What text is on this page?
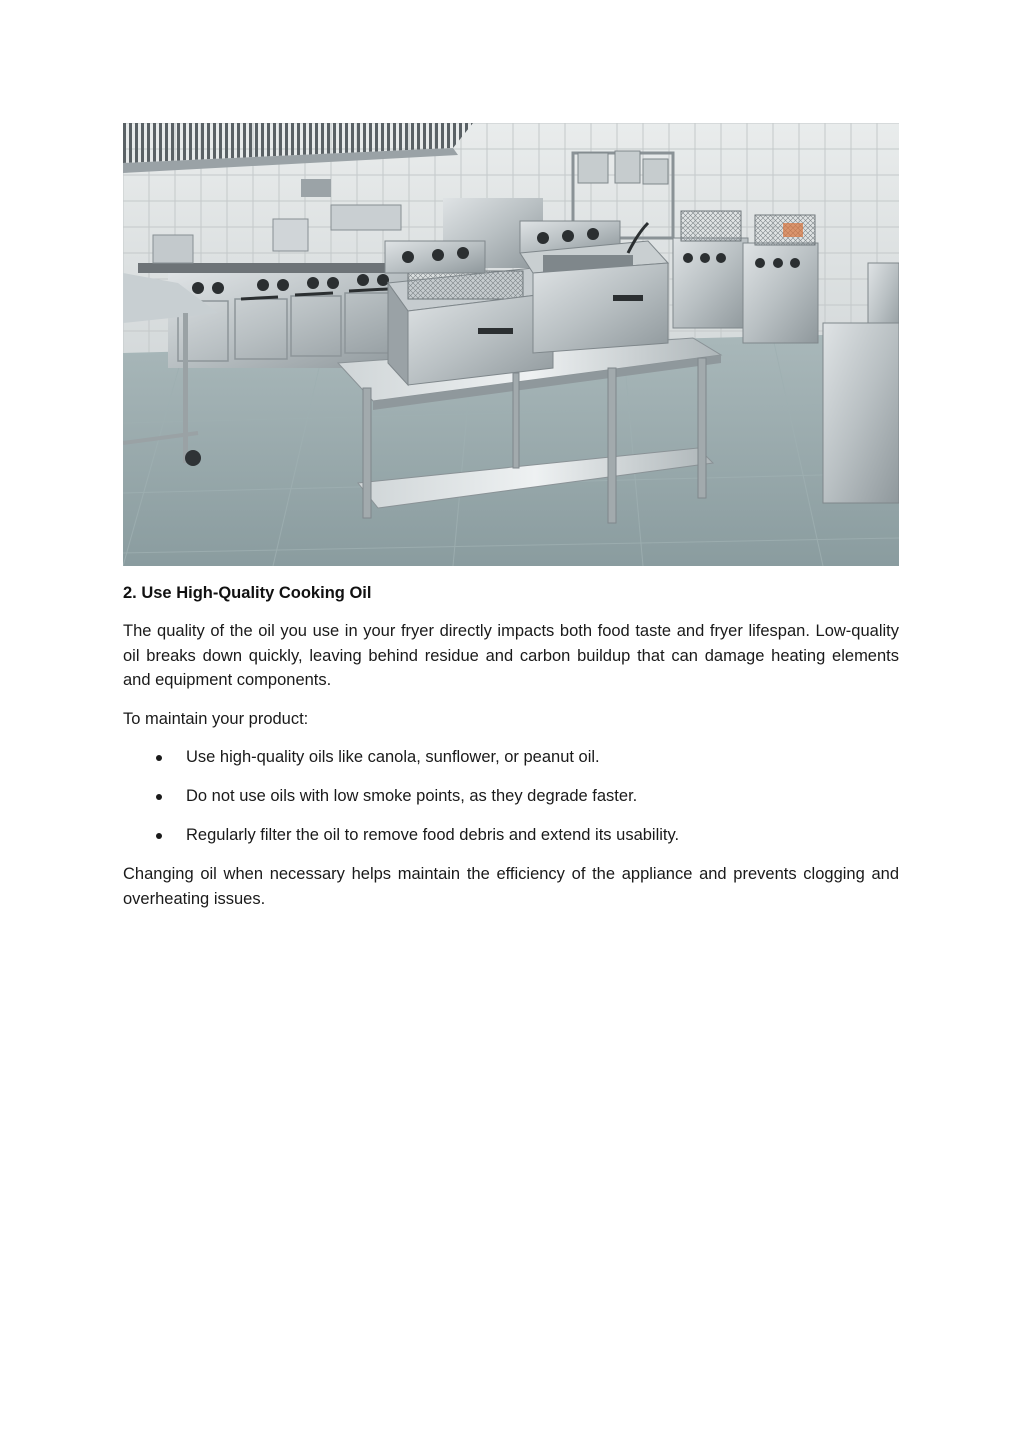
2. Use High-Quality Cooking Oil

The quality of the oil you use in your fryer directly impacts both food taste and fryer lifespan. Low-quality oil breaks down quickly, leaving behind residue and carbon buildup that can damage heating elements and equipment components.

To maintain your product:

Use high-quality oils like canola, sunflower, or peanut oil.
Do not use oils with low smoke points, as they degrade faster.
Regularly filter the oil to remove food debris and extend its usability.

Changing oil when necessary helps maintain the efficiency of the appliance and prevents clogging and overheating issues.
